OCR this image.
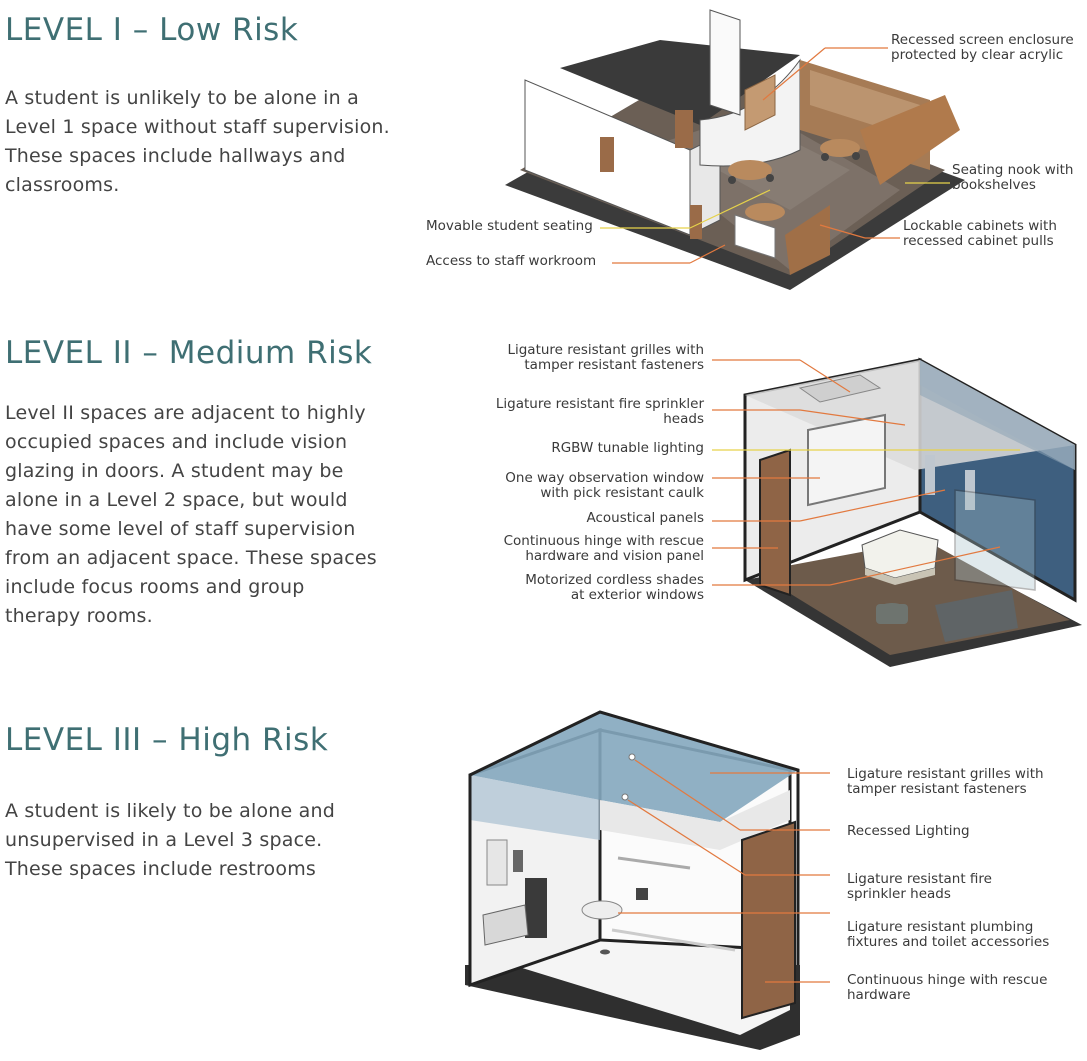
LEVEL I – Low Risk

A student is unlikely to be alone in a
Level 1 space without staff supervision.
These spaces include hallways and
classrooms.

LEVEL II – Medium Risk

Level II spaces are adjacent to highly
occupied spaces and include vision
glazing in doors. A student may be
alone in a Level 2 space, but would
have some level of staff supervision
from an adjacent space. These spaces
include focus rooms and group
therapy rooms.

LEVEL III – High Risk

A student is likely to be alone and
unsupervised in a Level 3 space.
These spaces include restrooms

Recessed screen enclosure
protected by clear acrylic
Seating nook with
bookshelves
Lockable cabinets with
recessed cabinet pulls
Movable student seating
Access to staff workroom
Ligature resistant grilles with
tamper resistant fasteners
Ligature resistant fire sprinkler
heads
RGBW tunable lighting
One way observation window
with pick resistant caulk
Acoustical panels
Continuous hinge with rescue
hardware and vision panel
Motorized cordless shades
at exterior windows
Ligature resistant grilles with
tamper resistant fasteners
Recessed Lighting
Ligature resistant fire
sprinkler heads
Ligature resistant plumbing
fixtures and toilet accessories
Continuous hinge with rescue
hardware
